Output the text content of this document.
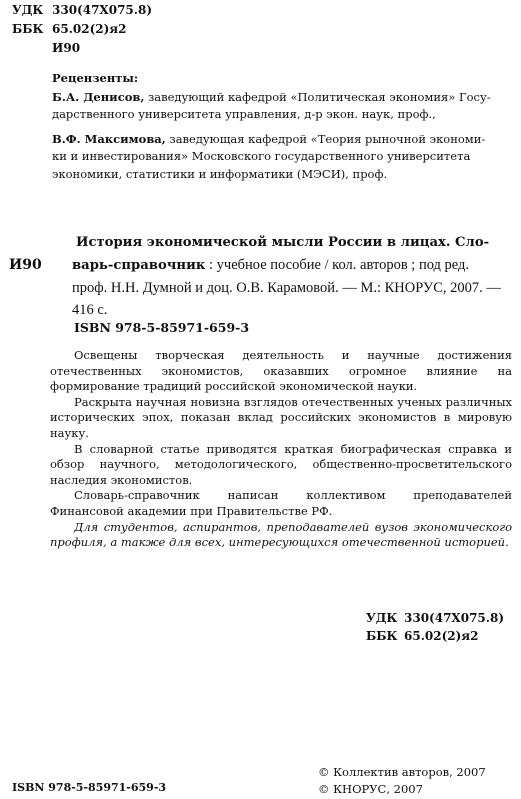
УДК 330(47Х075.8)
ББК 65.02(2)я2
И90
Рецензенты:
Б.А. Денисов, заведующий кафедрой «Политическая экономия» Госу-
дарственного университета управления, д-р экон. наук, проф.,
В.Ф. Максимова, заведующая кафедрой «Теория рыночной экономи-
ки и инвестирования» Московского государственного университета
экономики, статистики и информатики (МЭСИ), проф.
И90
История экономической мысли России в лицах. Сло-
варь-справочник : учебное пособие / кол. авторов ; под ред.
проф. Н.Н. Думной и доц. О.В. Карамовой. — М.: КНОРУС, 2007. —
416 с.
ISBN 978-5-85971-659-3

Освещены творческая деятельность и научные достижения отечественных экономистов, оказавших огромное влияние на формирование традиций российской экономической науки.

Раскрыта научная новизна взглядов отечественных ученых различных исторических эпох, показан вклад российских экономистов в мировую науку.

В словарной статье приводятся краткая биографическая справка и обзор научного, методологического, общественно-просветительского наследия экономистов.

Словарь-справочник написан коллективом преподавателей Финансовой академии при Правительстве РФ.

Для студентов, аспирантов, преподавателей вузов экономического профиля, а также для всех, интересующихся отечественной историей.

УДК 330(47Х075.8)
ББК 65.02(2)я2
ISBN 978-5-85971-659-3
© Коллектив авторов, 2007
© КНОРУС, 2007
